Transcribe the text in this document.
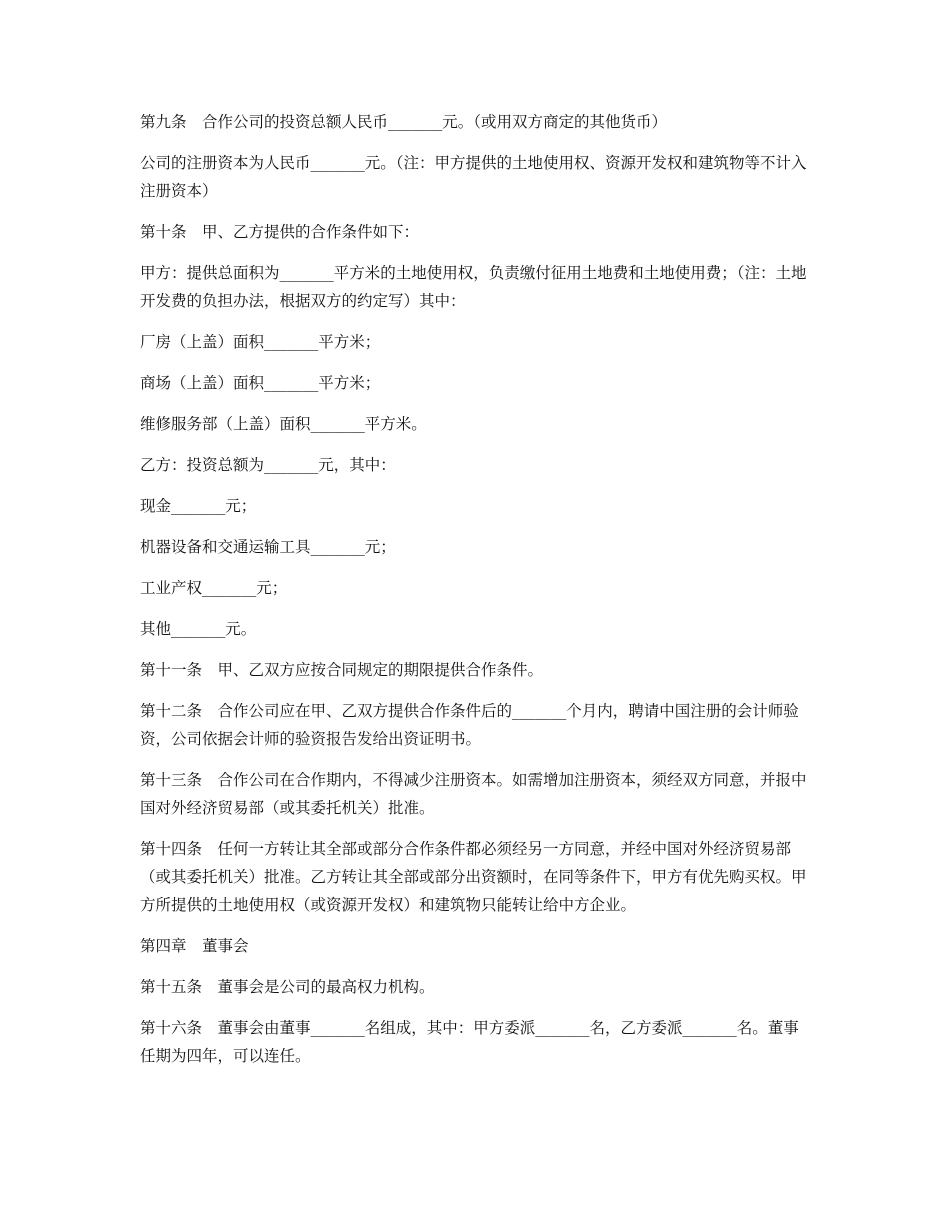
第九条　合作公司的投资总额人民币_______元。（或用双方商定的其他货币）

公司的注册资本为人民币_______元。（注：甲方提供的土地使用权、资源开发权和建筑物等不计入注册资本）

第十条　甲、乙方提供的合作条件如下：

甲方：提供总面积为_______平方米的土地使用权，负责缴付征用土地费和土地使用费；（注：土地开发费的负担办法，根据双方的约定写）其中：

厂房（上盖）面积_______平方米；

商场（上盖）面积_______平方米；

维修服务部（上盖）面积_______平方米。

乙方：投资总额为_______元，其中：

现金_______元；

机器设备和交通运输工具_______元；

工业产权_______元；

其他_______元。

第十一条　甲、乙双方应按合同规定的期限提供合作条件。

第十二条　合作公司应在甲、乙双方提供合作条件后的_______个月内，聘请中国注册的会计师验资，公司依据会计师的验资报告发给出资证明书。

第十三条　合作公司在合作期内，不得减少注册资本。如需增加注册资本，须经双方同意，并报中国对外经济贸易部（或其委托机关）批准。

第十四条　任何一方转让其全部或部分合作条件都必须经另一方同意，并经中国对外经济贸易部（或其委托机关）批准。乙方转让其全部或部分出资额时，在同等条件下，甲方有优先购买权。甲方所提供的土地使用权（或资源开发权）和建筑物只能转让给中方企业。

第四章　董事会

第十五条　董事会是公司的最高权力机构。

第十六条　董事会由董事_______名组成，其中：甲方委派_______名，乙方委派_______名。董事任期为四年，可以连任。
